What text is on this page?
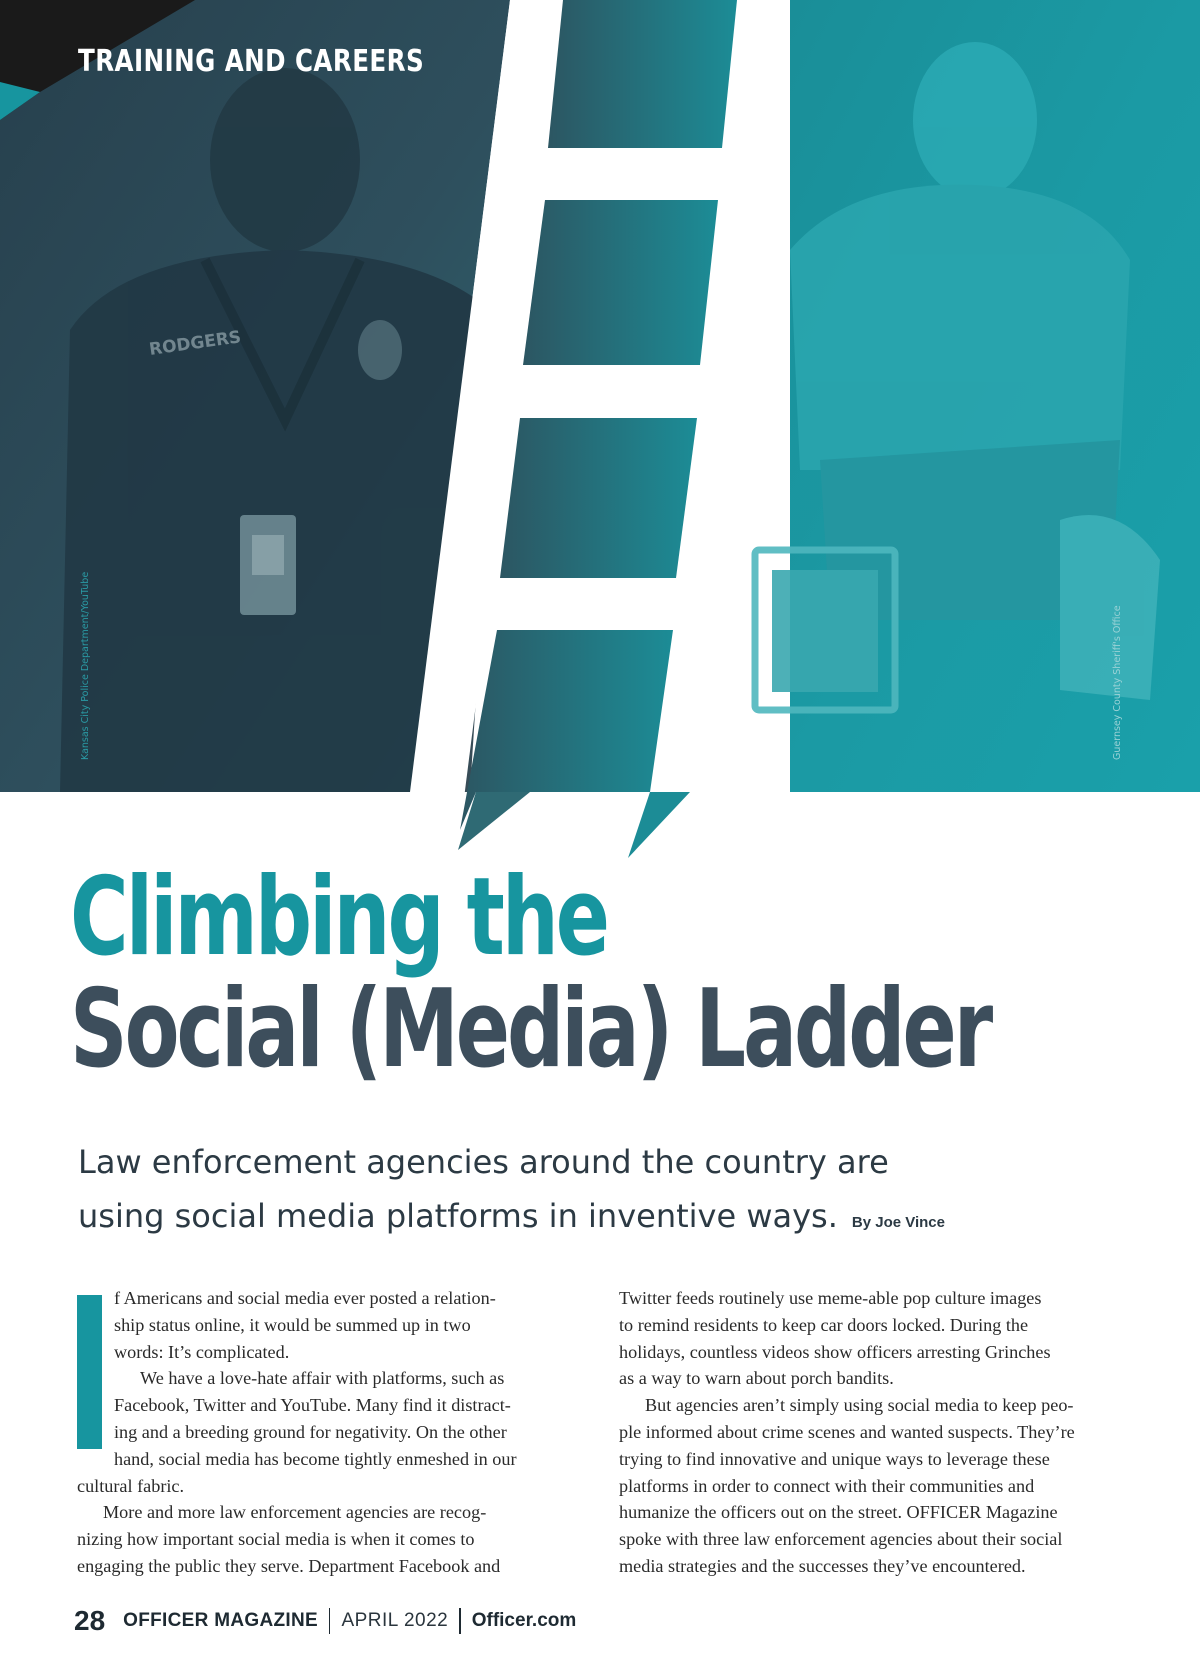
RODGERS
TRAINING AND CAREERS
Kansas City Police Department/YouTube	Guernsey County Sheriff's Office
Climbing the
Social (Media) Ladder
Law enforcement agencies around the country are
using social media platforms in inventive ways. By Joe Vince

f Americans and social media ever posted a relation-
ship status online, it would be summed up in two
words: It’s complicated.

We have a love-hate affair with platforms, such as
Facebook, Twitter and YouTube. Many find it distract-
ing and a breeding ground for negativity. On the other
hand, social media has become tightly enmeshed in our
cultural fabric.

More and more law enforcement agencies are recog-
nizing how important social media is when it comes to
engaging the public they serve. Department Facebook and

Twitter feeds routinely use meme-able pop culture images
to remind residents to keep car doors locked. During the
holidays, countless videos show officers arresting Grinches
as a way to warn about porch bandits.

But agencies aren’t simply using social media to keep peo-
ple informed about crime scenes and wanted suspects. They’re
trying to find innovative and unique ways to leverage these
platforms in order to connect with their communities and
humanize the officers out on the street. OFFICER Magazine
spoke with three law enforcement agencies about their social
media strategies and the successes they’ve encountered.

28 OFFICER MAGAZINE APRIL 2022 Officer.com
